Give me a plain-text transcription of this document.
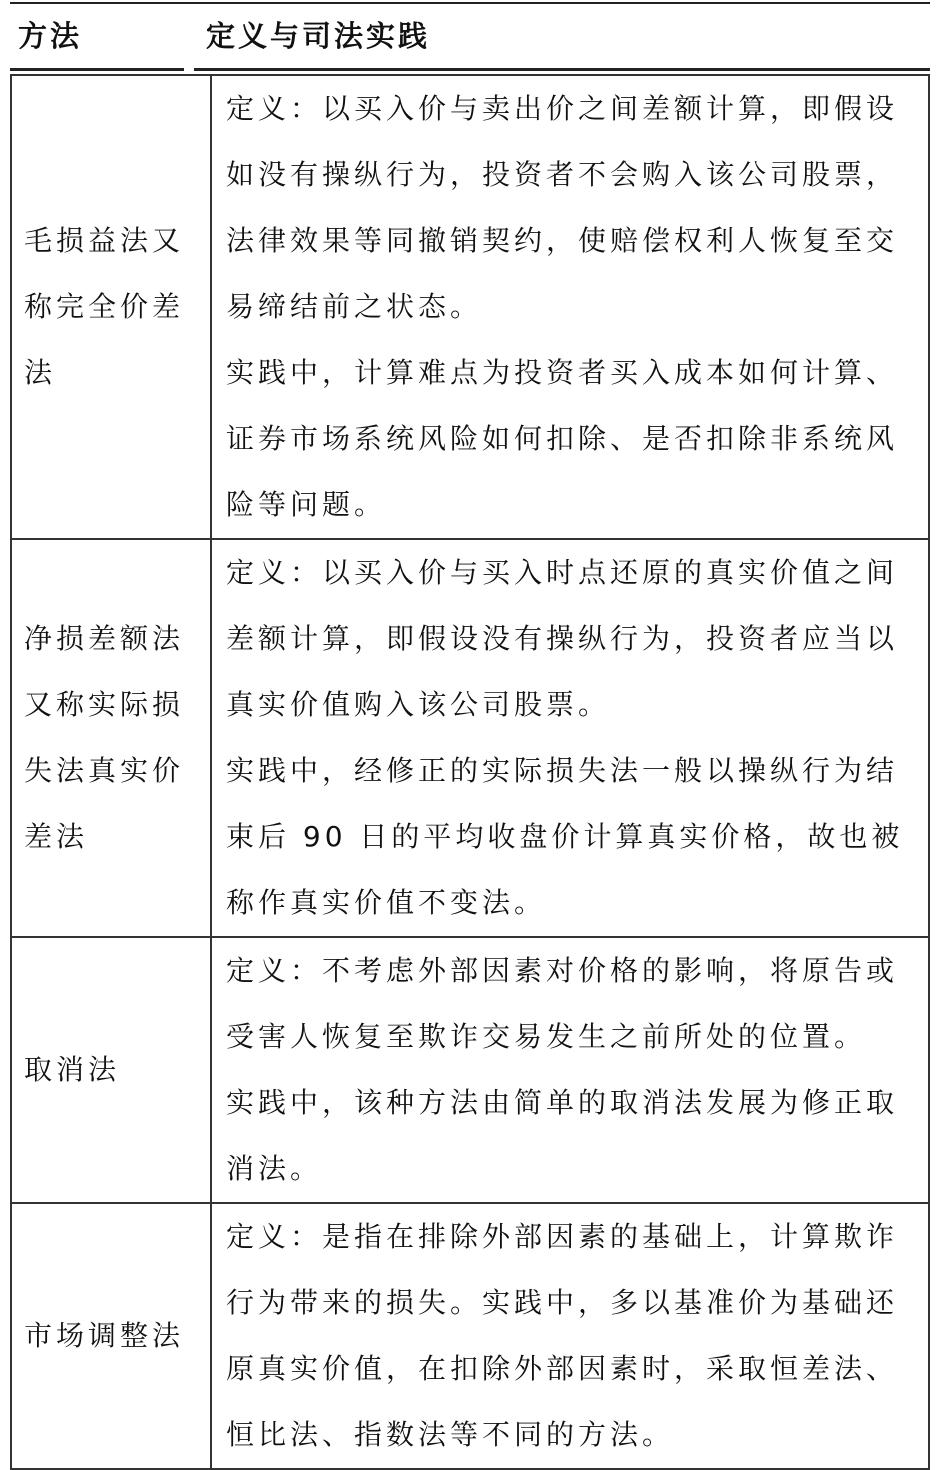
方法	定义与司法实践
毛损益法又称完全价差法	定义：以买入价与卖出价之间差额计算，即假设如没有操纵行为，投资者不会购入该公司股票，法律效果等同撤销契约，使赔偿权利人恢复至交易缔结前之状态。
实践中，计算难点为投资者买入成本如何计算、证券市场系统风险如何扣除、是否扣除非系统风险等问题。

净损差额法又称实际损失法真实价差法	定义：以买入价与买入时点还原的真实价值之间差额计算，即假设没有操纵行为，投资者应当以真实价值购入该公司股票。
实践中，经修正的实际损失法一般以操纵行为结束后 90 日的平均收盘价计算真实价格，故也被称作真实价值不变法。

取消法	定义：不考虑外部因素对价格的影响，将原告或受害人恢复至欺诈交易发生之前所处的位置。
实践中，该种方法由简单的取消法发展为修正取消法。

市场调整法	定义：是指在排除外部因素的基础上，计算欺诈行为带来的损失。实践中，多以基准价为基础还原真实价值，在扣除外部因素时，采取恒差法、恒比法、指数法等不同的方法。
